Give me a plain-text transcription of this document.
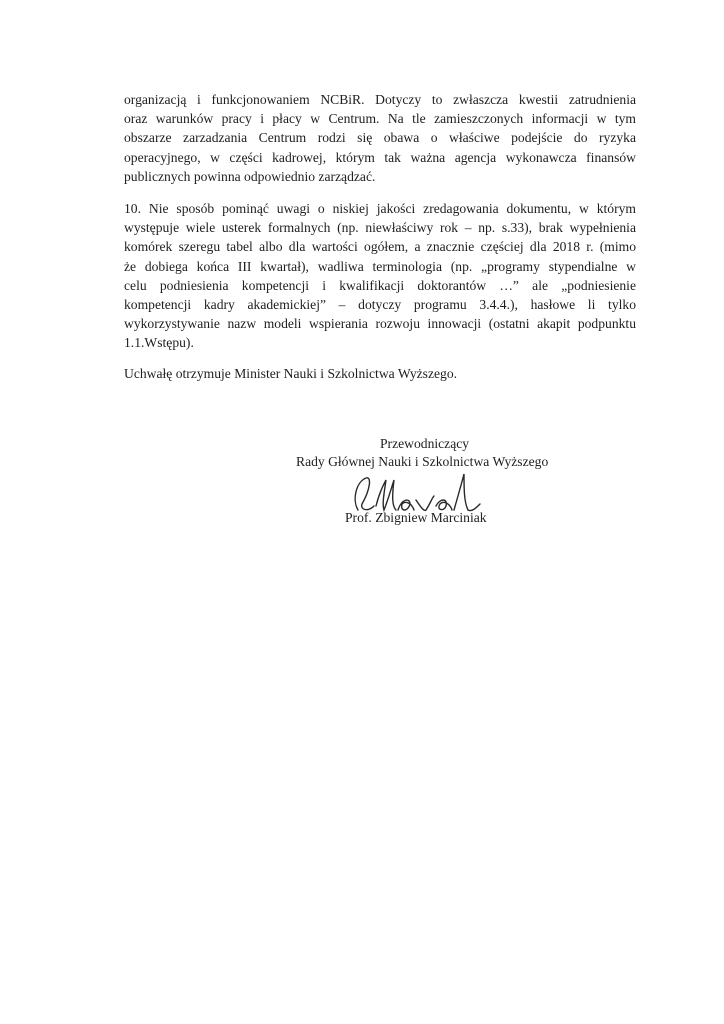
organizacją i funkcjonowaniem NCBiR. Dotyczy to zwłaszcza kwestii zatrudnienia
oraz warunków pracy i płacy w Centrum. Na tle zamieszczonych informacji w tym
obszarze zarzadzania Centrum rodzi się obawa o właściwe podejście do ryzyka
operacyjnego, w części kadrowej, którym tak ważna agencja wykonawcza finansów
publicznych powinna odpowiednio zarządzać.
10. Nie sposób pominąć uwagi o niskiej jakości zredagowania dokumentu, w którym
występuje wiele usterek formalnych (np. niewłaściwy rok – np. s.33), brak wypełnienia
komórek szeregu tabel albo dla wartości ogółem, a znacznie częściej dla 2018 r. (mimo
że dobiega końca III kwartał), wadliwa terminologia (np. „programy stypendialne w
celu podniesienia kompetencji i kwalifikacji doktorantów …” ale „podniesienie
kompetencji kadry akademickiej” – dotyczy programu 3.4.4.), hasłowe li tylko
wykorzystywanie nazw modeli wspierania rozwoju innowacji (ostatni akapit podpunktu
1.1.Wstępu).
Uchwałę otrzymuje Minister Nauki i Szkolnictwa Wyższego.
Przewodniczący
Rady Głównej Nauki i Szkolnictwa Wyższego
Prof. Zbigniew Marciniak
